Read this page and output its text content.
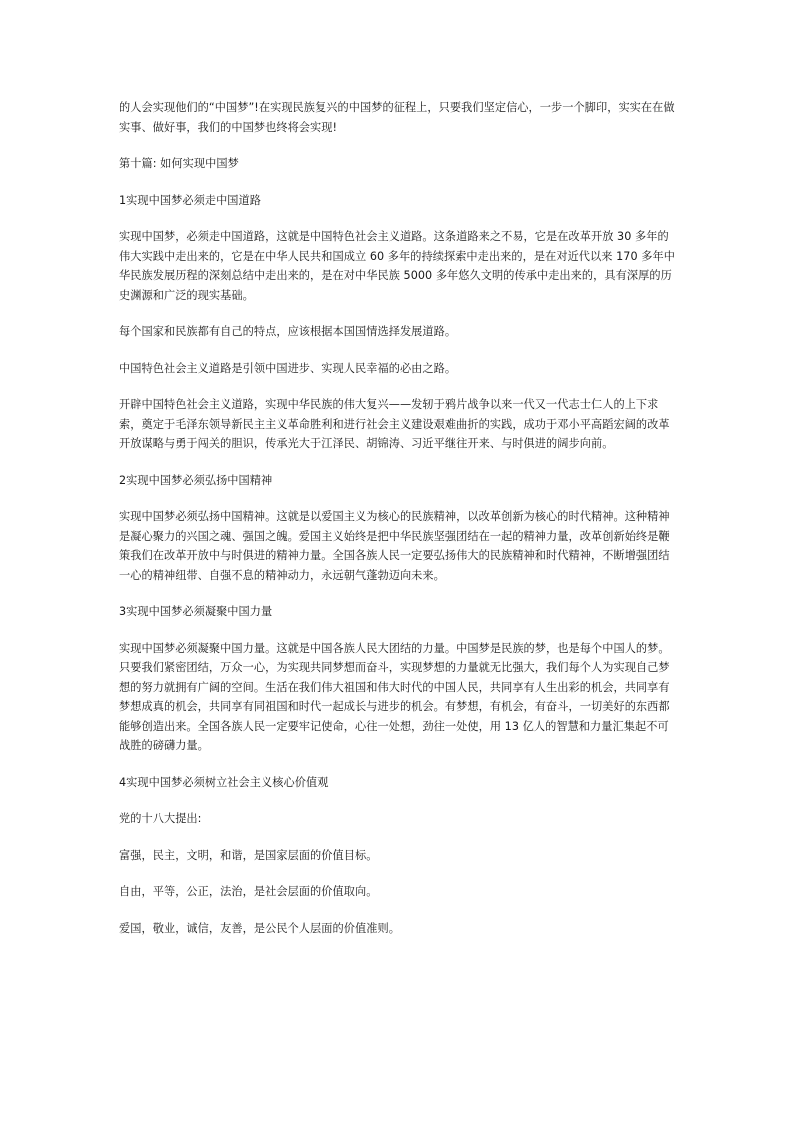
的人会实现他们的“中国梦”!在实现民族复兴的中国梦的征程上，只要我们坚定信心，一步一个脚印，实实在在做实事、做好事，我们的中国梦也终将会实现!

第十篇: 如何实现中国梦

1实现中国梦必须走中国道路

实现中国梦，必须走中国道路，这就是中国特色社会主义道路。这条道路来之不易，它是在改革开放 30 多年的伟大实践中走出来的，它是在中华人民共和国成立 60 多年的持续探索中走出来的，是在对近代以来 170 多年中华民族发展历程的深刻总结中走出来的，是在对中华民族 5000 多年悠久文明的传承中走出来的，具有深厚的历史渊源和广泛的现实基础。

每个国家和民族都有自己的特点，应该根据本国国情选择发展道路。

中国特色社会主义道路是引领中国进步、实现人民幸福的必由之路。

开辟中国特色社会主义道路，实现中华民族的伟大复兴——发轫于鸦片战争以来一代又一代志士仁人的上下求索，奠定于毛泽东领导新民主主义革命胜利和进行社会主义建设艰难曲折的实践，成功于邓小平高蹈宏阔的改革开放谋略与勇于闯关的胆识，传承光大于江泽民、胡锦涛、习近平继往开来、与时俱进的阔步向前。

2实现中国梦必须弘扬中国精神

实现中国梦必须弘扬中国精神。这就是以爱国主义为核心的民族精神，以改革创新为核心的时代精神。这种精神是凝心聚力的兴国之魂、强国之魄。爱国主义始终是把中华民族坚强团结在一起的精神力量，改革创新始终是鞭策我们在改革开放中与时俱进的精神力量。全国各族人民一定要弘扬伟大的民族精神和时代精神，不断增强团结一心的精神纽带、自强不息的精神动力，永远朝气蓬勃迈向未来。

3实现中国梦必须凝聚中国力量

实现中国梦必须凝聚中国力量。这就是中国各族人民大团结的力量。中国梦是民族的梦，也是每个中国人的梦。只要我们紧密团结，万众一心，为实现共同梦想而奋斗，实现梦想的力量就无比强大，我们每个人为实现自己梦想的努力就拥有广阔的空间。生活在我们伟大祖国和伟大时代的中国人民，共同享有人生出彩的机会，共同享有梦想成真的机会，共同享有同祖国和时代一起成长与进步的机会。有梦想，有机会，有奋斗，一切美好的东西都能够创造出来。全国各族人民一定要牢记使命，心往一处想，劲往一处使，用 13 亿人的智慧和力量汇集起不可战胜的磅礴力量。

4实现中国梦必须树立社会主义核心价值观

党的十八大提出:

富强，民主，文明，和谐，是国家层面的价值目标。

自由，平等，公正，法治，是社会层面的价值取向。

爱国，敬业，诚信，友善，是公民个人层面的价值准则。
